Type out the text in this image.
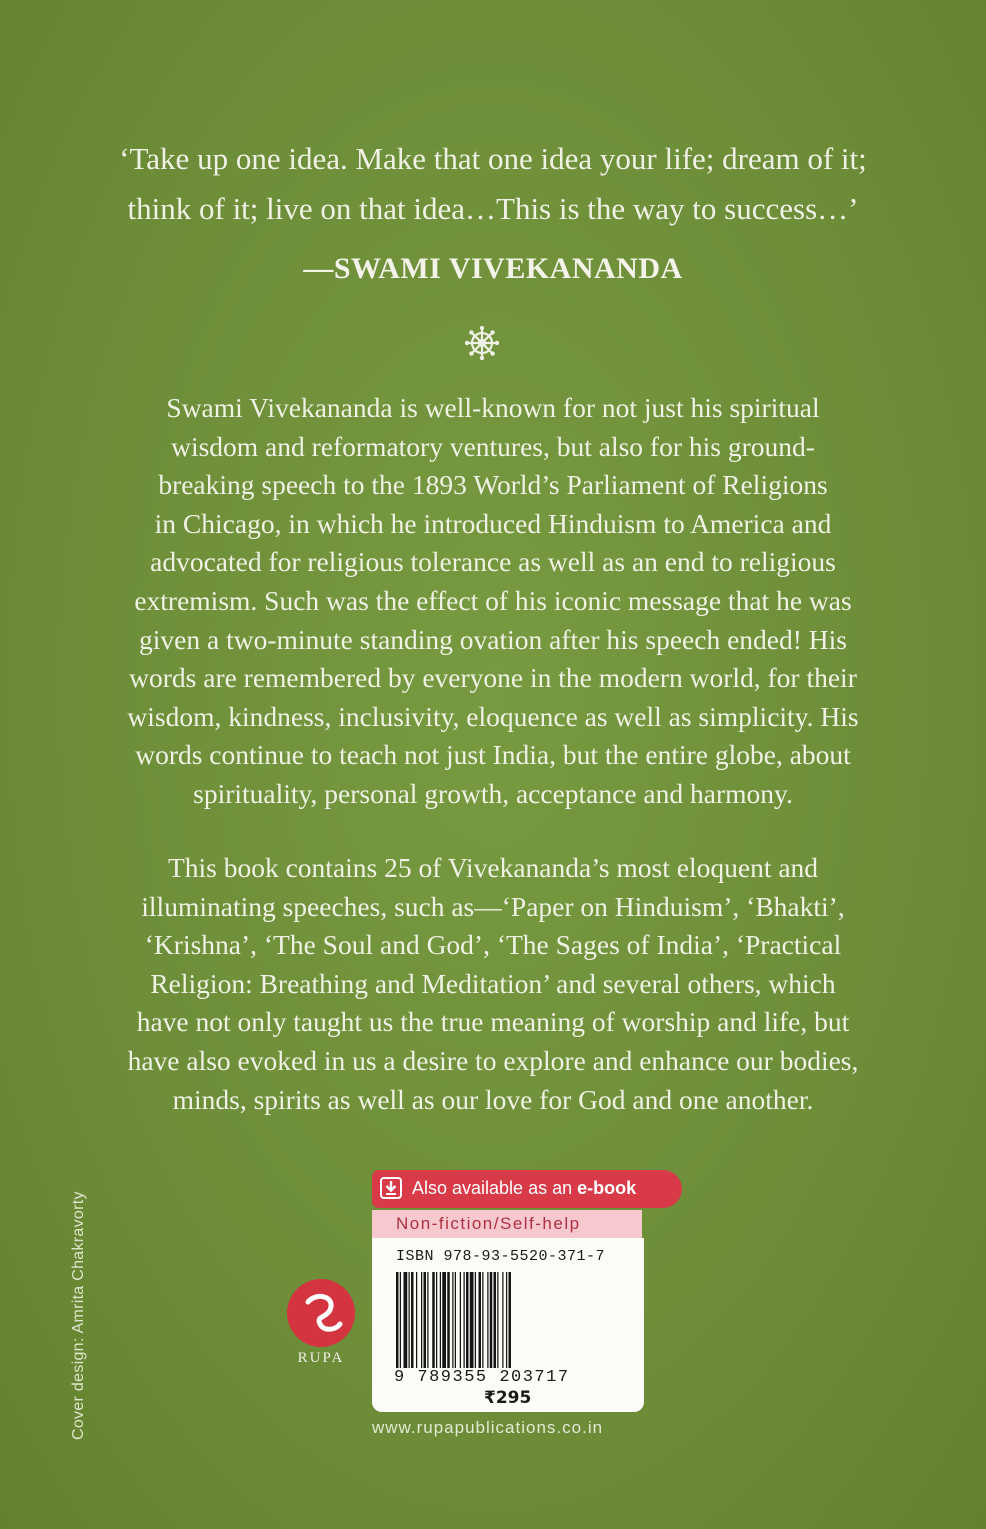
‘Take up one idea. Make that one idea your life; dream of it;
think of it; live on that idea…This is the way to success…’
—SWAMI VIVEKANANDA
Swami Vivekananda is well-known for not just his spiritual
wisdom and reformatory ventures, but also for his ground-
breaking speech to the 1893 World’s Parliament of Religions
in Chicago, in which he introduced Hinduism to America and
advocated for religious tolerance as well as an end to religious
extremism. Such was the effect of his iconic message that he was
given a two-minute standing ovation after his speech ended! His
words are remembered by everyone in the modern world, for their
wisdom, kindness, inclusivity, eloquence as well as simplicity. His
words continue to teach not just India, but the entire globe, about
spirituality, personal growth, acceptance and harmony.
This book contains 25 of Vivekananda’s most eloquent and
illuminating speeches, such as—‘Paper on Hinduism’, ‘Bhakti’,
‘Krishna’, ‘The Soul and God’, ‘The Sages of India’, ‘Practical
Religion: Breathing and Meditation’ and several others, which
have not only taught us the true meaning of worship and life, but
have also evoked in us a desire to explore and enhance our bodies,
minds, spirits as well as our love for God and one another.
Cover design: Amrita Chakravorty	RUPA
Also available as an e-book
Non-fiction/Self-help
ISBN 978-93-5520-371-7
9 789355 203717
₹295
www.rupapublications.co.in
